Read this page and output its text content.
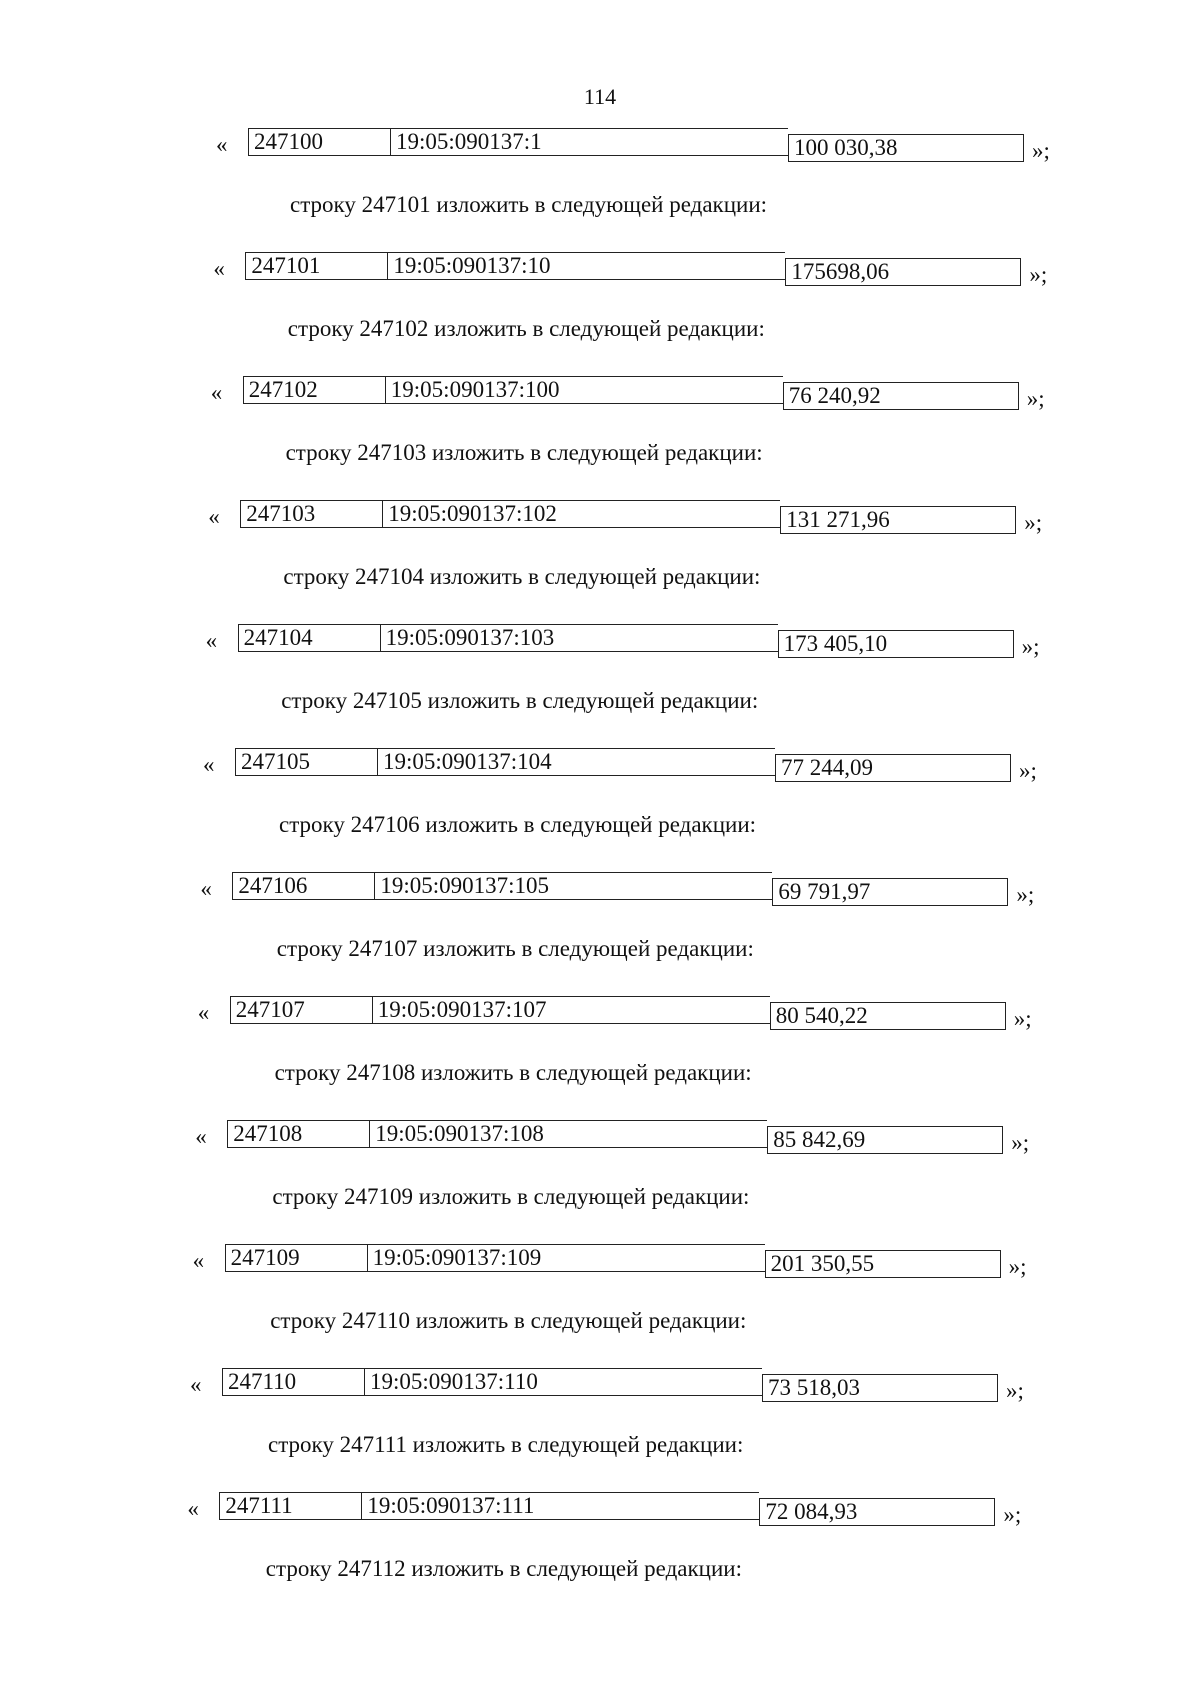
114
« 247100	19:05:090137:1	100 030,38	»;
строку 247101 изложить в следующей редакции:
« 247101	19:05:090137:10	175698,06	»;
строку 247102 изложить в следующей редакции:
« 247102	19:05:090137:100	76 240,92	»;
строку 247103 изложить в следующей редакции:
« 247103	19:05:090137:102	131 271,96	»;
строку 247104 изложить в следующей редакции:
« 247104	19:05:090137:103	173 405,10	»;
строку 247105 изложить в следующей редакции:
« 247105	19:05:090137:104	77 244,09	»;
строку 247106 изложить в следующей редакции:
« 247106	19:05:090137:105	69 791,97	»;
строку 247107 изложить в следующей редакции:
« 247107	19:05:090137:107	80 540,22	»;
строку 247108 изложить в следующей редакции:
« 247108	19:05:090137:108	85 842,69	»;
строку 247109 изложить в следующей редакции:
« 247109	19:05:090137:109	201 350,55	»;
строку 247110 изложить в следующей редакции:
« 247110	19:05:090137:110	73 518,03	»;
строку 247111 изложить в следующей редакции:
« 247111	19:05:090137:111	72 084,93	»;
строку 247112 изложить в следующей редакции:
